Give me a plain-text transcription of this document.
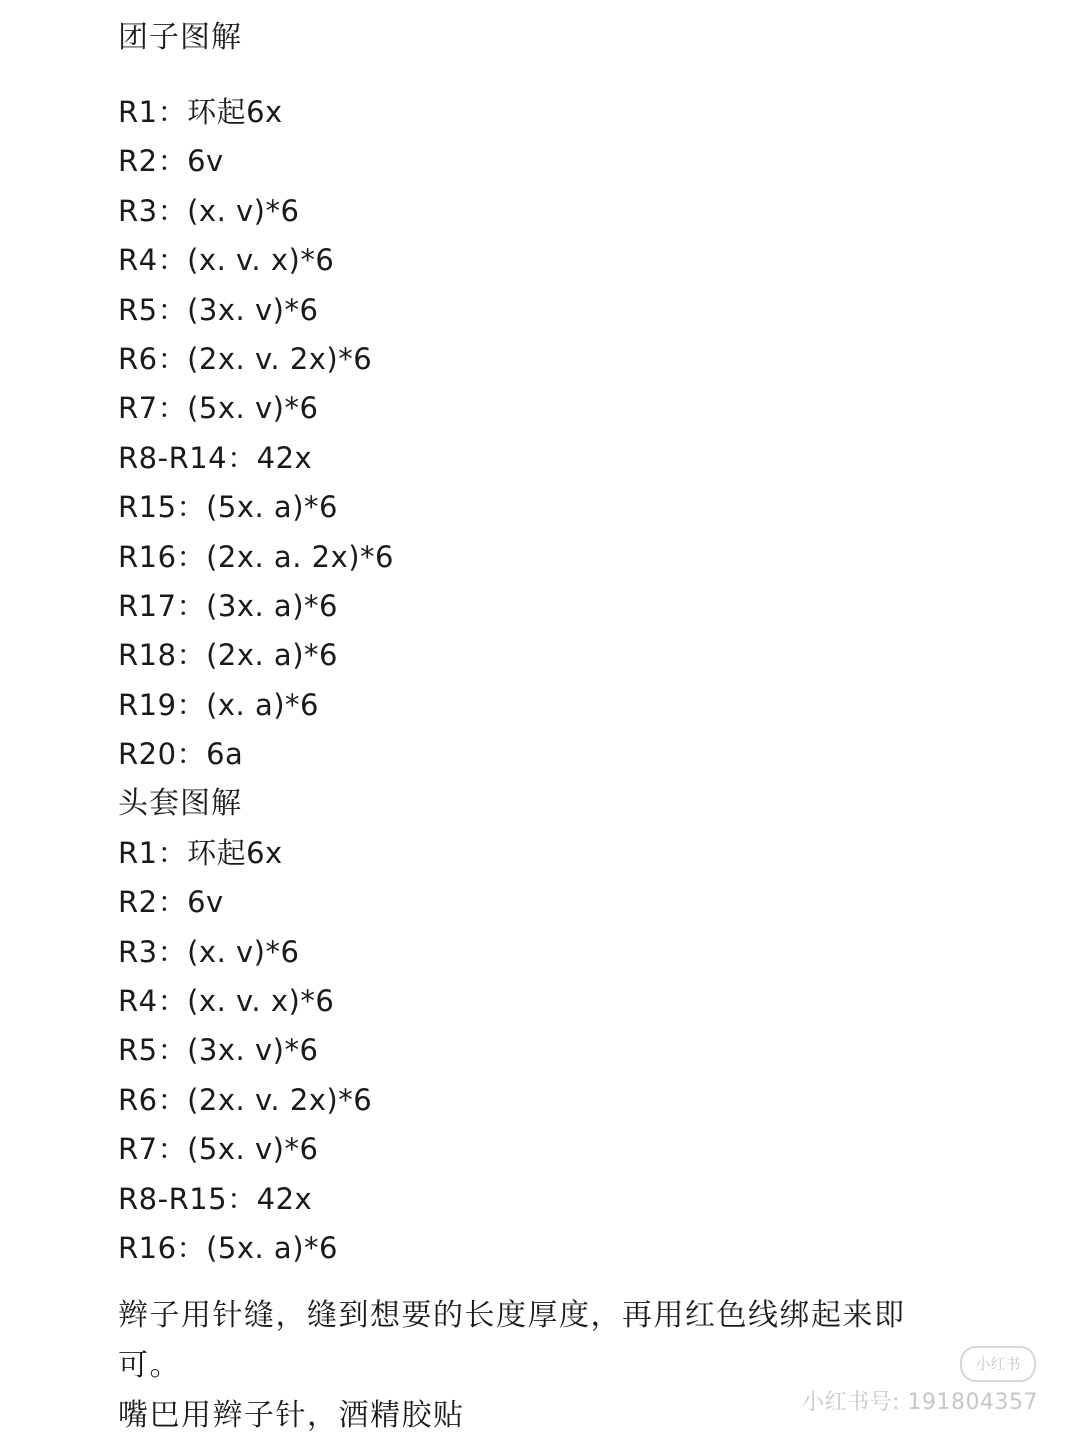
团子图解
R1：环起6x
R2：6v
R3：(x. v)*6
R4：(x. v. x)*6
R5：(3x. v)*6
R6：(2x. v. 2x)*6
R7：(5x. v)*6
R8-R14：42x
R15：(5x. a)*6
R16：(2x. a. 2x)*6
R17：(3x. a)*6
R18：(2x. a)*6
R19：(x. a)*6
R20：6a
头套图解
R1：环起6x
R2：6v
R3：(x. v)*6
R4：(x. v. x)*6
R5：(3x. v)*6
R6：(2x. v. 2x)*6
R7：(5x. v)*6
R8-R15：42x
R16：(5x. a)*6
辫子用针缝，缝到想要的长度厚度，再用红色线绑起来即
可。
嘴巴用辫子针，酒精胶贴
小红书
小红书号: 191804357
